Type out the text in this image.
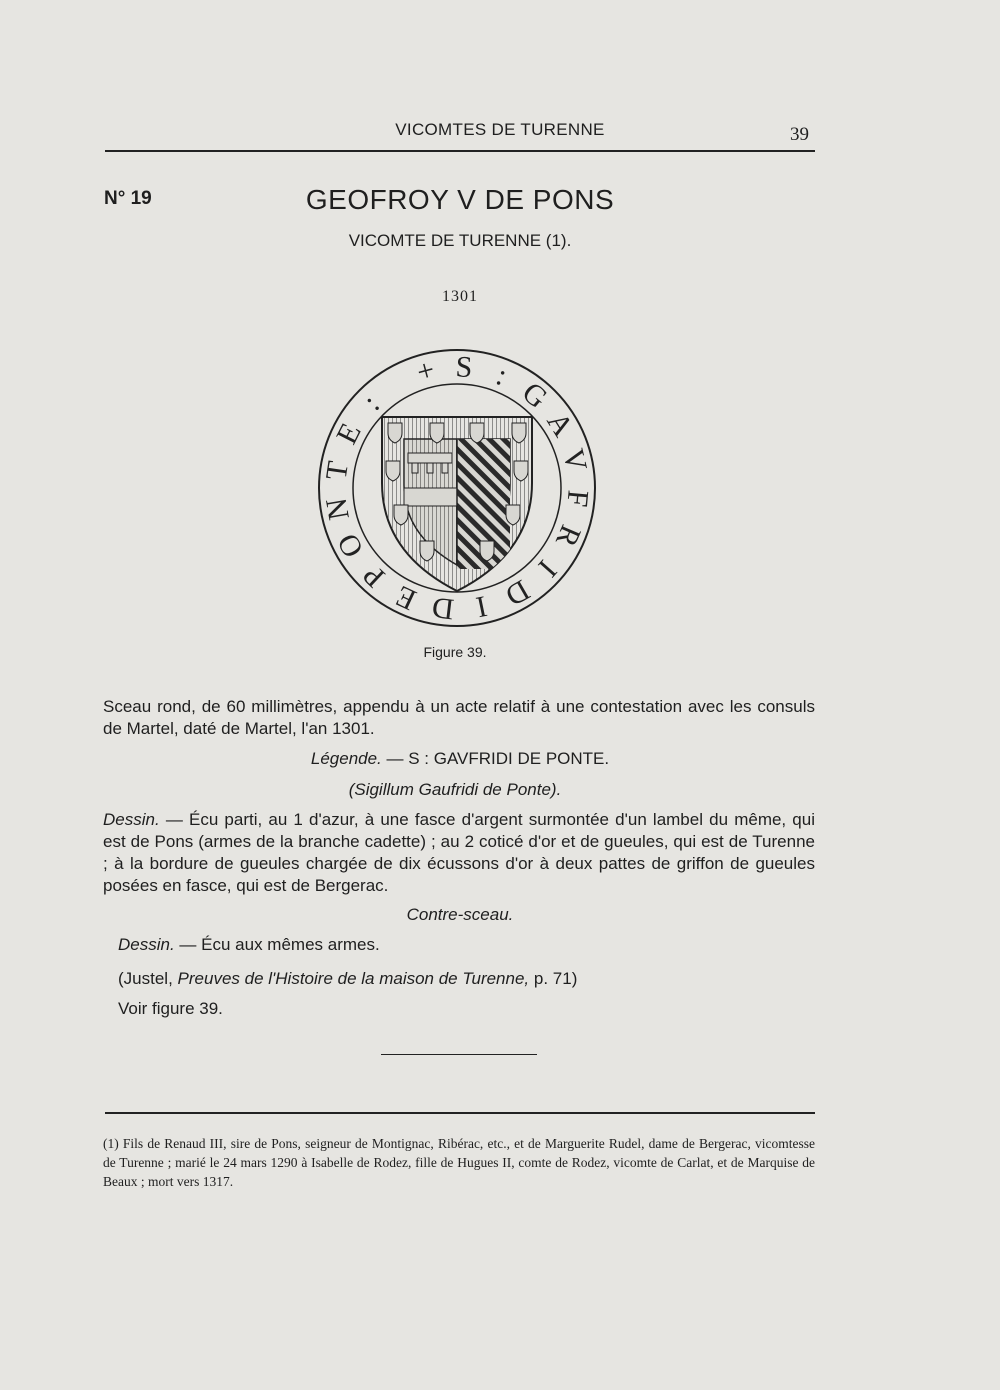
VICOMTES DE TURENNE	39
N° 19	GEOFROY V DE PONS
VICOMTE DE TURENNE (1).
1301
+ S :
G
A
V
F
R
I
D
I
D
E
P
O
N
T
E
:
Figure 39.
Sceau rond, de 60 millimètres, appendu à un acte relatif à une contestation avec les consuls de Martel, daté de Martel, l'an 1301.
Légende. — S : GAVFRIDI DE PONTE.
(Sigillum Gaufridi de Ponte).
Dessin. — Écu parti, au 1 d'azur, à une fasce d'argent surmontée d'un lambel du même, qui est de Pons (armes de la branche cadette) ; au 2 coticé d'or et de gueules, qui est de Turenne ; à la bordure de gueules chargée de dix écussons d'or à deux pattes de griffon de gueules posées en fasce, qui est de Bergerac.
Contre-sceau.
Dessin. — Écu aux mêmes armes.
(Justel, Preuves de l'Histoire de la maison de Turenne, p. 71)
Voir figure 39.
(1) Fils de Renaud III, sire de Pons, seigneur de Montignac, Ribérac, etc., et de Marguerite Rudel, dame de Bergerac, vicomtesse de Turenne ; marié le 24 mars 1290 à Isabelle de Rodez, fille de Hugues II, comte de Rodez, vicomte de Carlat, et de Marquise de Beaux ; mort vers 1317.
